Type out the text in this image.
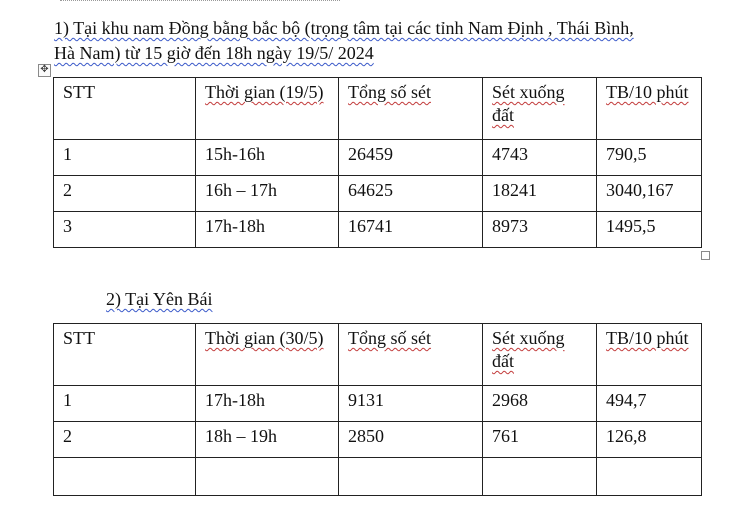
1) Tại khu nam Đồng bằng bắc bộ (trọng tâm tại các tỉnh Nam Định , Thái Bình,
Hà Nam) từ 15 giờ đến 18h ngày 19/5/ 2024
✥
STT	Thời gian (19/5)	Tổng số sét	Sét xuống đất	TB/10 phút
1	15h-16h	26459	4743	790,5
2	16h – 17h	64625	18241	3040,167
3	17h-18h	16741	8973	1495,5
2) Tại Yên Bái
STT	Thời gian (30/5)	Tổng số sét	Sét xuống đất	TB/10 phút
1	17h-18h	9131	2968	494,7
2	18h – 19h	2850	761	126,8
